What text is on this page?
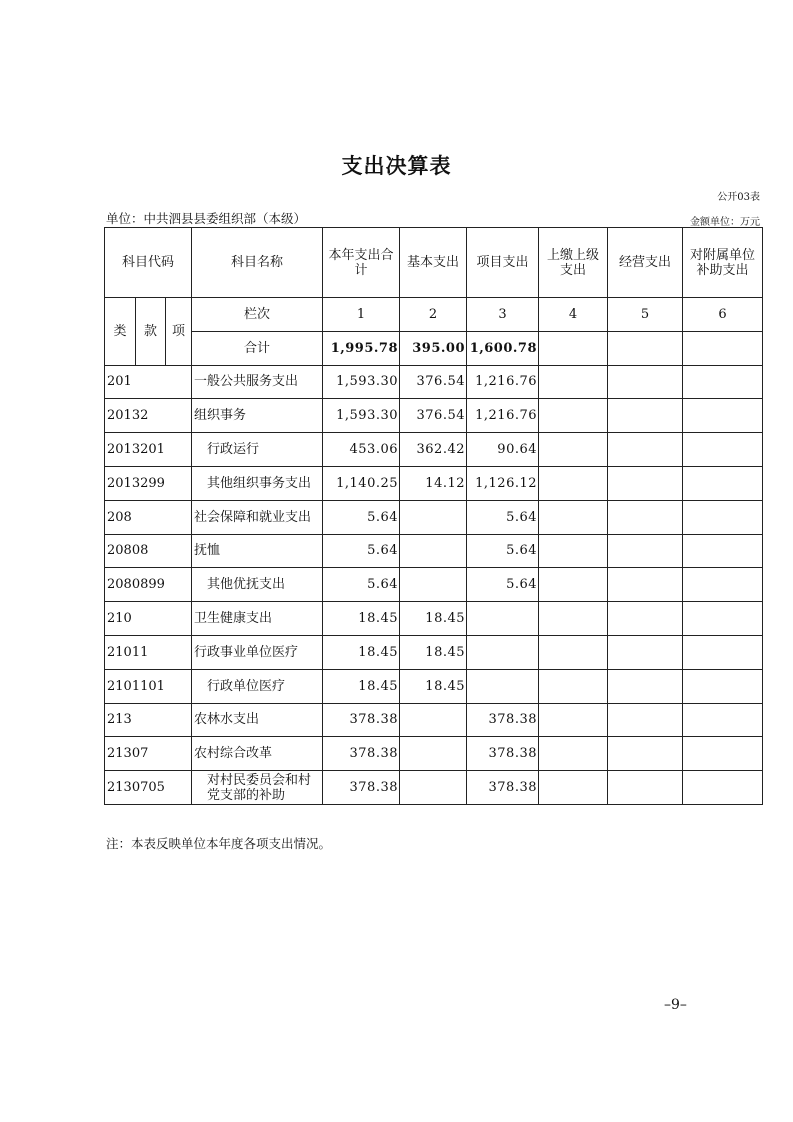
支出决算表
公开03表
单位：中共泗县县委组织部（本级）	金额单位：万元
科目代码			科目名称	本年支出合计	基本支出	项目支出	上缴上级支出	经营支出	对附属单位补助支出
类	款	项	栏次	1	2	3	4	5	6
			合计	1,995.78	395.00	1,600.78			
201			一般公共服务支出	1,593.30	376.54	1,216.76			
20132			组织事务	1,593.30	376.54	1,216.76			
2013201			行政运行	453.06	362.42	90.64			
2013299			其他组织事务支出	1,140.25	14.12	1,126.12			
208			社会保障和就业支出	5.64		5.64			
20808			抚恤	5.64		5.64			
2080899			其他优抚支出	5.64		5.64			
210			卫生健康支出	18.45	18.45				
21011			行政事业单位医疗	18.45	18.45				
2101101			行政单位医疗	18.45	18.45				
213			农林水支出	378.38		378.38			
21307			农村综合改革	378.38		378.38			
2130705			对村民委员会和村党支部的补助	378.38		378.38			
注：本表反映单位本年度各项支出情况。
–9–
